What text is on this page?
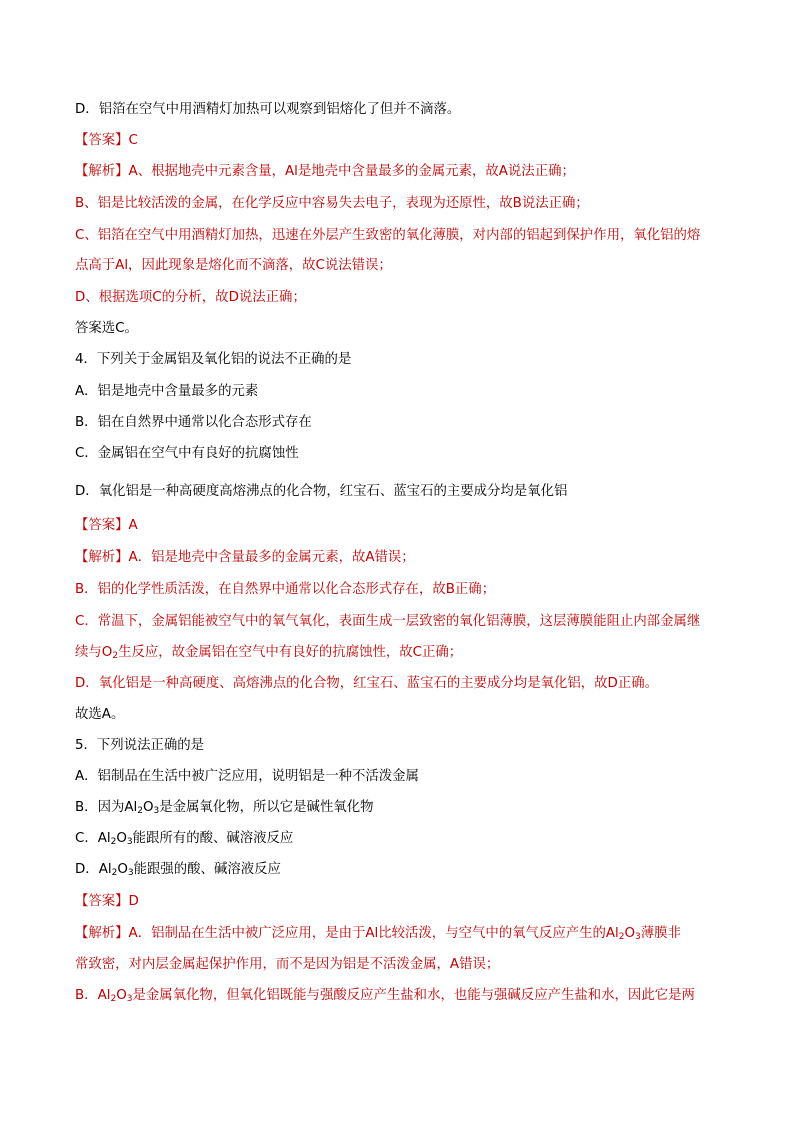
D．铝箔在空气中用酒精灯加热可以观察到铝熔化了但并不滴落。
【答案】C
【解析】A、根据地壳中元素含量，Al是地壳中含量最多的金属元素，故A说法正确；
B、铝是比较活泼的金属，在化学反应中容易失去电子，表现为还原性，故B说法正确；
C、铝箔在空气中用酒精灯加热，迅速在外层产生致密的氧化薄膜，对内部的铝起到保护作用，氧化铝的熔
点高于Al，因此现象是熔化而不滴落，故C说法错误；
D、根据选项C的分析，故D说法正确；
答案选C。
4．下列关于金属铝及氧化铝的说法不正确的是
A．铝是地壳中含量最多的元素
B．铝在自然界中通常以化合态形式存在
C．金属铝在空气中有良好的抗腐蚀性
D．氧化铝是一种高硬度高熔沸点的化合物，红宝石、蓝宝石的主要成分均是氧化铝
【答案】A
【解析】A．铝是地壳中含量最多的金属元素，故A错误；
B．铝的化学性质活泼，在自然界中通常以化合态形式存在，故B正确；
C．常温下，金属铝能被空气中的氧气氧化，表面生成一层致密的氧化铝薄膜，这层薄膜能阻止内部金属继
续与$O_2$生反应，故金属铝在空气中有良好的抗腐蚀性，故C正确；
D．氧化铝是一种高硬度、高熔沸点的化合物，红宝石、蓝宝石的主要成分均是氧化铝，故D正确。
故选A。
5．下列说法正确的是
A．铝制品在生活中被广泛应用，说明铝是一种不活泼金属
B．因为$Al_2O_3$是金属氧化物，所以它是碱性氧化物
C．$Al_2O_3$能跟所有的酸、碱溶液反应
D．$Al_2O_3$能跟强的酸、碱溶液反应
【答案】D
【解析】A．铝制品在生活中被广泛应用，是由于Al比较活泼，与空气中的氧气反应产生的$Al_2O_3$薄膜非
常致密，对内层金属起保护作用，而不是因为铝是不活泼金属，A错误；
B．$Al_2O_3$是金属氧化物，但氧化铝既能与强酸反应产生盐和水，也能与强碱反应产生盐和水，因此它是两
